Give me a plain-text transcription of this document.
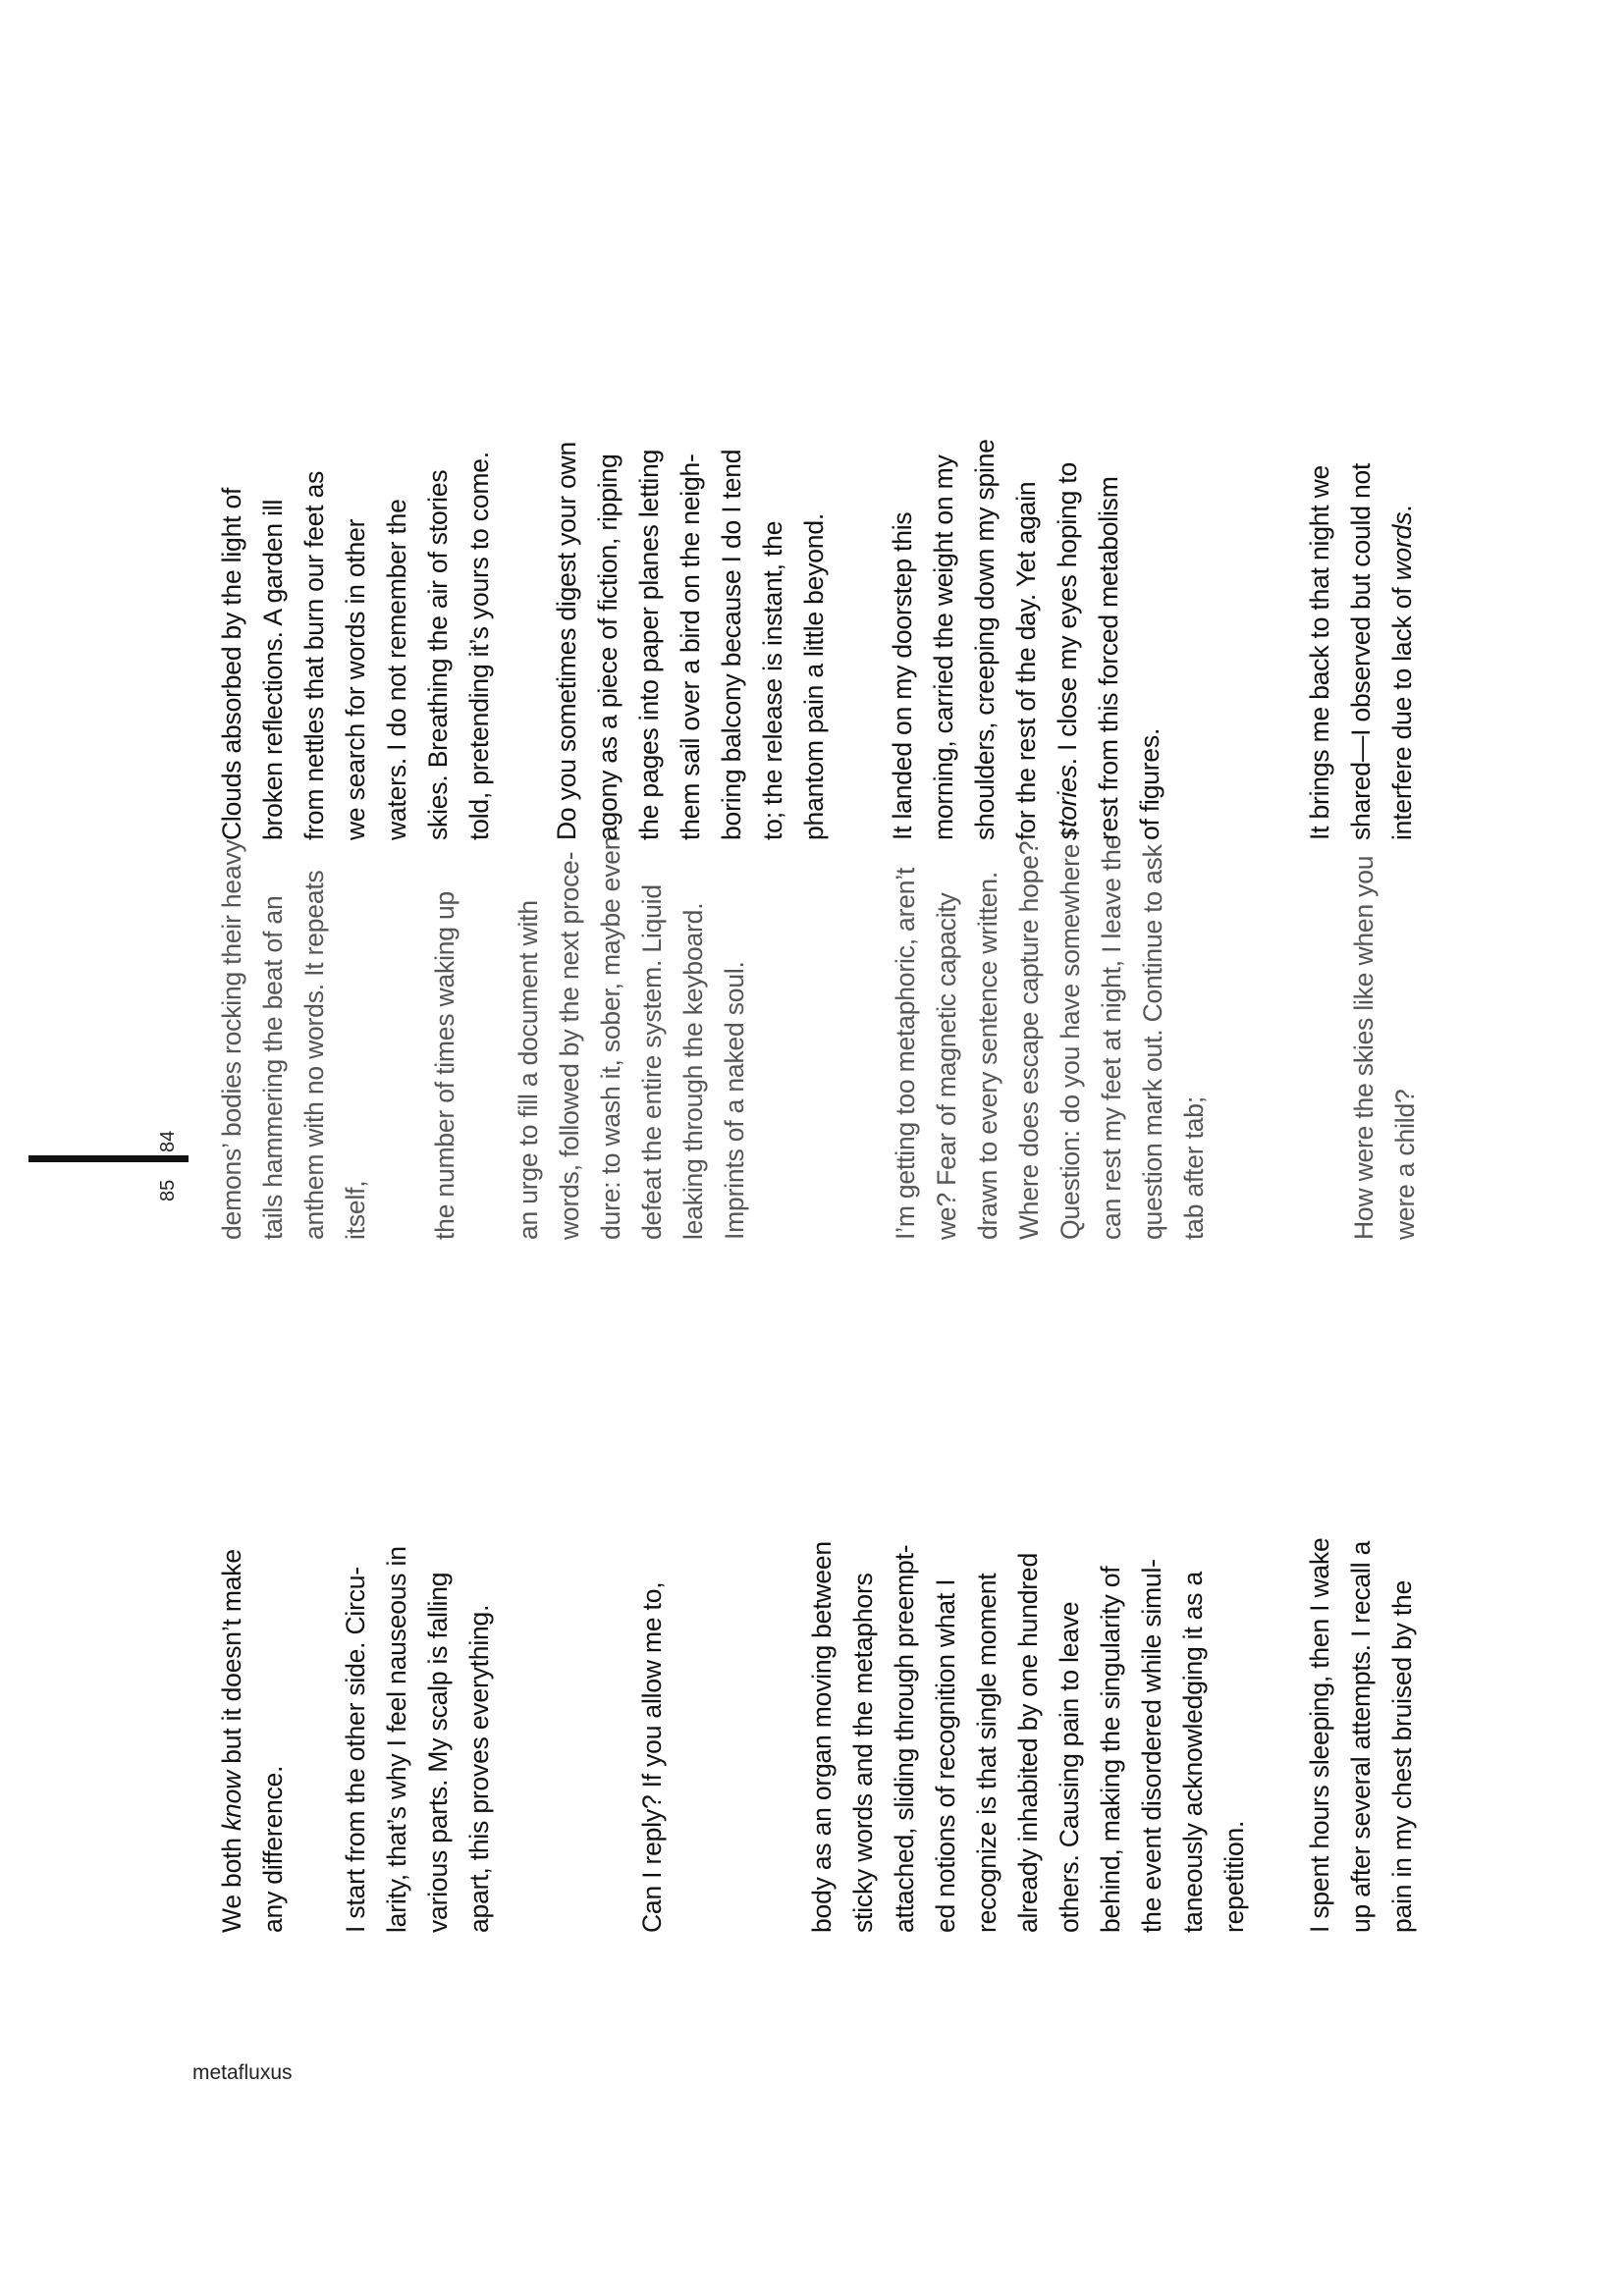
We both know but it doesn’t make
any difference.

I start from the other side. Circu-
larity, that’s why I feel nauseous in
various parts. My scalp is falling
apart, this proves everything.	Can I reply? If you allow me to,	body as an organ moving between
sticky words and the metaphors
attached, sliding through preempt-
ed notions of recognition what I
recognize is that single moment
already inhabited by one hundred
others. Causing pain to leave
behind, making the singularity of
the event disordered while simul-
taneously acknowledging it as a
repetition. I spent hours sleeping, then I wake
up after several attempts. I recall a
pain in my chest bruised by the

demons’ bodies rocking their heavy
tails hammering the beat of an
anthem with no words. It repeats
itself, the number of times waking up an urge to fill a document with
words, followed by the next proce-
dure: to wash it, sober, maybe even
defeat the entire system. Liquid
leaking through the keyboard.
Imprints of a naked soul.

I’m getting too metaphoric, aren’t
we? Fear of magnetic capacity
drawn to every sentence written.
Where does escape capture hope?
Question: do you have somewhere I
can rest my feet at night, I leave the
question mark out. Continue to ask
tab after tab;

How were the skies like when you
were a child?

Clouds absorbed by the light of
broken reflections. A garden ill
from nettles that burn our feet as
we search for words in other
waters. I do not remember the
skies. Breathing the air of stories
told, pretending it’s yours to come.

Do you sometimes digest your own
agony as a piece of fiction, ripping
the pages into paper planes letting
them sail over a bird on the neigh-
boring balcony because I do I tend
to; the release is instant, the
phantom pain a little beyond.

It landed on my doorstep this
morning, carried the weight on my
shoulders, creeping down my spine
for the rest of the day. Yet again
stories. I close my eyes hoping to
rest from this forced metabolism
of figures.

It brings me back to that night we
shared—I observed but could not
interfere due to lack of words.

84
85
metafluxus
